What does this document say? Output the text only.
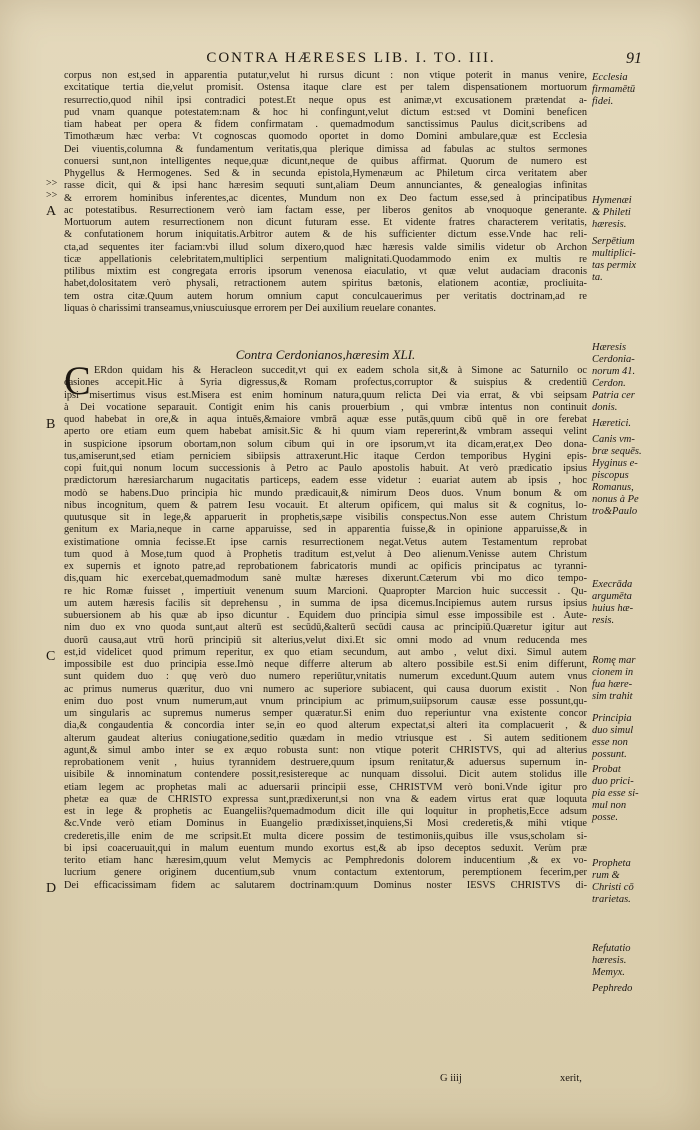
CONTRA HÆRESES LIB. I. TO. III.	91
>>
>>
corpus non est,sed in apparentia putatur,velut hi rursus dicunt : non vtique poterit in manus venire,
excitatique tertia die,velut promisit. Ostensa itaque clare est per talem dispensationem mortuorum
resurrectio,quod nihil ipsi contradici potest.Et neque opus est animæ,vt excusationem prætendat a-
pud vnam quanque potestatem:nam & hoc hi confingunt,velut dictum est:sed vt Domini beneficen
tiam habeat per opera & fidem confirmatam . quemadmodum sanctissimus Paulus dicit,scribens ad
Timothæum hæc verba: Vt cognoscas quomodo oportet in domo Domini ambulare,quæ est Ecclesia
Dei viuentis,columna & fundamentum veritatis,qua plerique dimissa ad fabulas ac stultos sermones
conuersi sunt,non intelligentes neque,quæ dicunt,neque de quibus affirmat. Quorum de numero est
Phygellus & Hermogenes. Sed & in secunda epistola,Hymenæum ac Philetum circa veritatem aber
rasse dicit, qui & ipsi hanc hæresim sequuti sunt,aliam Deum annunciantes, & genealogias infinitas
& errorem hominibus inferentes,ac dicentes, Mundum non ex Deo factum esse,sed à principatibus
ac potestatibus. Resurrectionem verò iam factam esse, per liberos genitos ab vnoquoque generante.
Mortuorum autem resurrectionem non dicunt futuram esse. Et vidente fratres characterem veritatis,
& confutationem horum iniquitatis.Arbitror autem & de his sufficienter dictum esse.Vnde hac reli-
cta,ad sequentes iter faciam:vbi illud solum dixero,quod hæc hæresis valde similis videtur ob Archon
ticæ appellationis celebritatem,multiplici serpentium malignitati.Quodammodo enim ex multis re
ptilibus mixtim est congregata erroris ipsorum venenosa eiaculatio, vt quæ velut audaciam draconis
habet,dolositatem verò physali, retractionem autem spiritus bætonis, elationem acontiæ, procliuita-
tem ostra citæ.Quum autem horum omnium caput conculcauerimus per veritatis doctrinam,ad re
liquas ò charissimi transeamus,vniuscuiusque errorem per Dei auxilium reuelare conantes.
Contra Cerdonianos,hæresim XLI.
C ERdon quidam his & Heracleon succedit,vt qui ex eadem schola sit,& à Simone ac Saturnilo oc
casiones accepit.Hic à Syria digressus,& Romam profectus,corruptor & suispius & credentiū
ipsi misertimus visus est.Misera est enim hominum natura,quum relicta Dei via errat, & vbi seipsam
à Dei vocatione separauit. Contigit enim his canis prouerbium , qui vmbræ intentus non continuit
quod habebat in ore,& in aqua intuēs,&maiore vmbrā aquæ esse putās,quum cibū quē in ore ferebat
aperto ore etiam eum quem habebat amisit.Sic & hi quum viam repererint,& vmbram assequi velint
in suspicione ipsorum obortam,non solum cibum qui in ore ipsorum,vt ita dicam,erat,ex Deo dona-
tus,amiserunt,sed etiam perniciem sibiipsis attraxerunt.Hic itaque Cerdon temporibus Hygini epis-
copi fuit,qui nonum locum successionis à Petro ac Paulo apostolis habuit. At verò prædicatio ipsius
prædictorum hæresiarcharum nugacitatis particeps, eadem esse videtur : euariat autem ab ipsis , hoc
modò se habens.Duo principia hic mundo prædicauit,& nimirum Deos duos. Vnum bonum & om
nibus incognitum, quem & patrem Iesu vocauit. Et alterum opificem, qui malus sit & cognitus, lo-
quutusque sit in lege,& apparuerit in prophetis,sæpe visibilis conspectus.Non esse autem Christum
genitum ex Maria,neque in carne apparuisse, sed in apparentia fuisse,& in opinione apparuisse,& in
existimatione omnia fecisse.Et ipse carnis resurrectionem negat.Vetus autem Testamentum reprobat
tum quod à Mose,tum quod à Prophetis traditum est,velut à Deo alienum.Venisse autem Christum
ex supernis et ignoto patre,ad reprobationem fabricatoris mundi ac opificis principatus ac tyranni-
dis,quam hic exercebat,quemadmodum sanè multæ hæreses dixerunt.Cæterum vbi mo dico tempo-
re hic Romæ fuisset , impertiuit venenum suum Marcioni. Quapropter Marcion huic successit . Qu-
um autem hæresis facilis sit deprehensu , in summa de ipsa dicemus.Incipiemus autem rursus ipsius
subuersionem ab his quæ ab ipso dicuntur . Equidem duo principia simul esse impossibile est . Aute-
nim duo ex vno quoda sunt,aut alterū est secūdū,&alterū secūdi causa ac principiū.Quæretur igitur aut
duorū causa,aut vtrū horū principiū sit alterius,velut dixi.Et sic omni modo ad vnum reducenda mes
est,id videlicet quod primum reperitur, ex quo etiam secundum, aut ambo , velut dixi. Simul autem
impossibile est duo principia esse.Imò neque differre alterum ab altero possibile est.Si enim differunt,
sunt quidem duo : quę verò duo numero reperiūtur,vnitatis numerum excedunt.Quum autem vnus
ac primus numerus quæritur, duo vni numero ac superiore subiacent, qui causa duorum existit . Non
enim duo post vnum numerum,aut vnum principium ac primum,suiipsorum causæ esse possunt,qu-
um singularis ac supremus numerus semper quæratur.Si enim duo reperiuntur vna existente concor
dia,& congaudentia & concordia inter se,in eo quod alterum expectat,si alteri ita complacuerit , &
alterum gaudeat alterius coniugatione,seditio quædam in medio vtriusque est . Si autem seditionem
agunt,& simul ambo inter se ex æquo robusta sunt: non vtique poterit CHRISTVS, qui ad alterius
reprobationem venit , huius tyrannidem destruere,quum ipsum renitatur,& aduersus supernum in-
uisibile & innominatum contendere possit,resistereque ac nunquam dissolui. Dicit autem stolidus ille
etiam legem ac prophetas mali ac aduersarii principii esse, CHRISTVM verò boni.Vnde igitur pro
phetæ ea quæ de CHRISTO expressa sunt,prædixerunt,si non vna & eadem virtus erat quæ loquuta
est in lege & prophetis ac Euangeliis?quemadmodum dicit ille qui loquitur in prophetis,Ecce adsum
&c.Vnde verò etiam Dominus in Euangelio prædixisset,inquiens,Si Mosi crederetis,& mihi vtique
crederetis,ille enim de me scripsit.Et multa dicere possim de testimoniis,quibus ille vsus,scholam si-
bi ipsi coaceruauit,qui in malum euentum mundo exortus est,& ab ipso deceptos seduxit. Verùm præ
terito etiam hanc hæresim,quum velut Memycis ac Pemphredonis dolorem inducentium ,& ex vo-
lucrium genere originem ducentium,sub vnum contactum extentorum, peremptionem fecerim,per
Dei efficacissimam fidem ac salutarem doctrinam:quum Dominus noster IESVS CHRISTVS di-
A
B
C
D
Ecclesia
firmamētū
fidei.
Hymenæi
& Phileti
hæresis.
Serpētium
multiplici-
tas permix
ta.
Hæresis
Cerdonia-
norum 41.
Cerdon.
Patria cer
donis.
Hæretici.
Canis vm-
bræ sequēs.
Hyginus e-
piscopus
Romanus,
nonus à Pe
tro&Paulo
Execrāda
argumēta
huius hæ-
resis.
Romę mar
cionem in
fua hære-
sim trahit
Principia
duo simul
esse non
possunt.
Probat
duo prici-
pia esse si-
mul non
posse.
Propheta
rum &
Christi cō
trarietas.
Refutatio
hæresis.
Memyx.
Pephredo
G iiij	xerit,
